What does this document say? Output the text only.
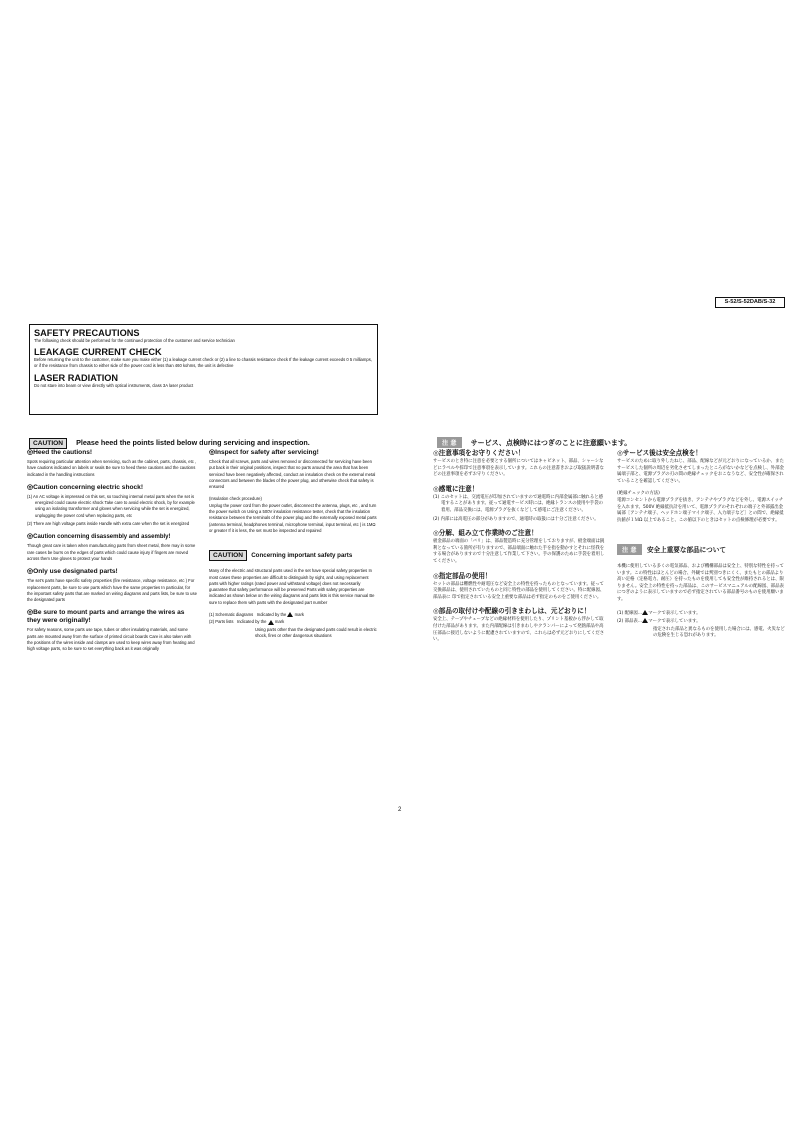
S-52/S-52DAB/S-32

SAFETY PRECAUTIONS

The following check should be performed for the continued protection of the customer and service technician

LEAKAGE CURRENT CHECK

Before returning the unit to the customer, make sure you make either (1) a leakage current check or (2) a line to chassis resistance check If the leakage current exceeds 0 5 milliamps, or if the resistance from chassis to either side of the power cord is less than 460 kohms, the unit is defective

LASER RADIATION

Do not stare into beam or view directly with optical instruments, class 3A laser product

CAUTION Please heed the points listed below during servicing and inspection.

◎Heed the cautions!

Spots requiring particular attention when servicing, such as the cabinet, parts, chassis, etc , have cautions indicated on labels or seals Be sure to heed these cautions and the cautions indicated in the handling instructions

◎Caution concerning electric shock!

(1) An AC voltage is impressed on this set, so touching internal metal parts when the set is energized could cause electric shock Take care to avoid electric shock, by for example using an isolating transformer and gloves when servicing while the set is energized, unplugging the power cord when replacing parts, etc

(2) There are high voltage parts inside Handle with extra care when the set is energized

◎Caution concerning disassembly and assembly!

Though great care is taken when manufacturing parts from sheet metal, there may in some rare cases be burrs on the edges of parts which could cause injury if fingers are moved across them Use gloves to protect your hands

◎Only use designated parts!

The set's parts have specific safety properties (fire resistance, voltage resistance, etc ) For replacement parts, be sure to use parts which have the same properties In particular, for the important safety parts that are marked on wiring diagrams and parts lists, be sure to use the designated parts

◎Be sure to mount parts and arrange the wires as they were originally!

For safety reasons, some parts use tape, tubes or other insulating materials, and some parts are mounted away from the surface of printed circuit boards Care is also taken with the positions of the wires inside and clamps are used to keep wires away from heating and high voltage parts, so be sure to set everything back as it was originally

◎Inspect for safety after servicing!

Check that all screws, parts and wires removed or disconnected for servicing have been put back in their original positions, inspect that no parts around the area that has been serviced have been negatively affected, conduct an insulation check on the external metal connectors and between the blades of the power plug, and otherwise check that safety is ensured

(Insulation check procedure)

Unplug the power cord from the power outlet, disconnect the antenna, plugs, etc , and turn the power switch on Using a 500V insulation resistance tester, check that the insulation resistance between the terminals of the power plug and the externally exposed metal parts (antenna terminal, headphones terminal, microphone terminal, input terminal, etc ) is 1MΩ or greater If it is less, the set must be inspected and repaired

CAUTION Concerning important safety parts

Many of the electric and structural parts used in the set have special safety properties In most cases these properties are difficult to distinguish by sight, and using replacement parts with higher ratings (rated power and withstand voltage) does not necessarily guarantee that safety performance will be preserved Parts with safety properties are indicated as shown below on the wiring diagrams and parts lists is this service manual Be sure to replace them with parts with the designated part number

(1) Schematic diagrams Indicated by the mark

(2) Parts lists Indicated by the mark

Using parts other than the designated parts could result in electric shock, fires or other dangerous situations

2
注 意 サービス、点検時にはつぎのことに注意願います。

◎注意事項をお守りください！

サービスのとき特に注意を必要とする個所についてはキャビネット、部品、シャーシなどにラベルや捺印で注意事項を表示しています。これらの注意書きおよび取扱説明書などの注意事項を必ずお守りください。

◎感電に注意！

(1) このセットは、交流電圧が印加されていますので通電時に内部金属部に触れると感電することがあります。従って通電サービス時には、絶縁トランスの使用や手袋の着用、部品交換には、電源プラグを抜くなどして感電にご注意ください。

(2) 内部には高電圧の部分がありますので、通電時の取扱には十分ご注意ください。

◎分解、組み立て作業時のご注意！

板金部品の端面の「バリ」は、部品製造時に充分管理をしておりますが、板金端面は鋭利となっている箇所が有りますので、部品端面に触れた手を指を動かすとそれに怪我をする場合がありますので十分注意して作業して下さい。手の保護のために手袋を着用してください。

◎指定部品の使用！

セットの部品は難燃性や耐電圧など安全上の特性を持ったものとなっています。従って交換部品は、使用されていたものと同じ特性の部品を使用してください。特に配線図、部品表に 印で指定されている安全上重要な部品は必ず指定のものをご使用ください。

◎部品の取付けや配線の引きまわしは、元どおりに！

安全上、テープやチューブなどの絶縁材料を使用したり、プリント基板から浮かして取付けた部品があります。また内部配線は引きまわしやクランパーによって発熱部品や高圧部品に接近しないように配慮されていますので、これらは必ず元どおりにしてください。

◎サービス後は安全点検を！

サービスのために取り外したねじ、部品、配線などが元どおりになっているか、またサービスした個所の周辺を劣化させてしまったところがないかなどを点検し、外部金属端子部と、電源プラグの刃の間の絶縁チェックをおこなうなど、安全性が確保されていることを確認してください。

(絶縁チェックの方法)

電源コンセントから電源プラグを抜き、アンテナやプラグなどを外し、電源スイッチを入れます。500V 絶縁抵抗計を用いて、電源プラグのそれぞれの端子と外部露出金属部［アンテナ端子、ヘッドホン端子マイク端子、入力端子など］との間で、絶縁抵抗値が１ＭΩ 以上であること、この値以下のときはセットの点検修理が必要です。

注 意 安全上重要な部品について

本機に使用している多くの電気部品、および機構部品は安全上、特別な特性を持っています。この特性はほとんどの場合、外観では判別つきにくく、またもとの部品より高い定格（定格電力、耐圧）を持ったものを使用しても安全性が維持されるとは、限りません。安全上の特性を持った部品は、このサービスマニュアルの配線図、部品表につぎのように表示していますので必ず指定されている部品番号のものを使用願います。

(1) 配線図… マークで表示しています。

(2) 部品表… マークで表示しています。

指定された部品と異なるものを使用した場合には、感電、火災などの危険を生じる恐れがあります。
